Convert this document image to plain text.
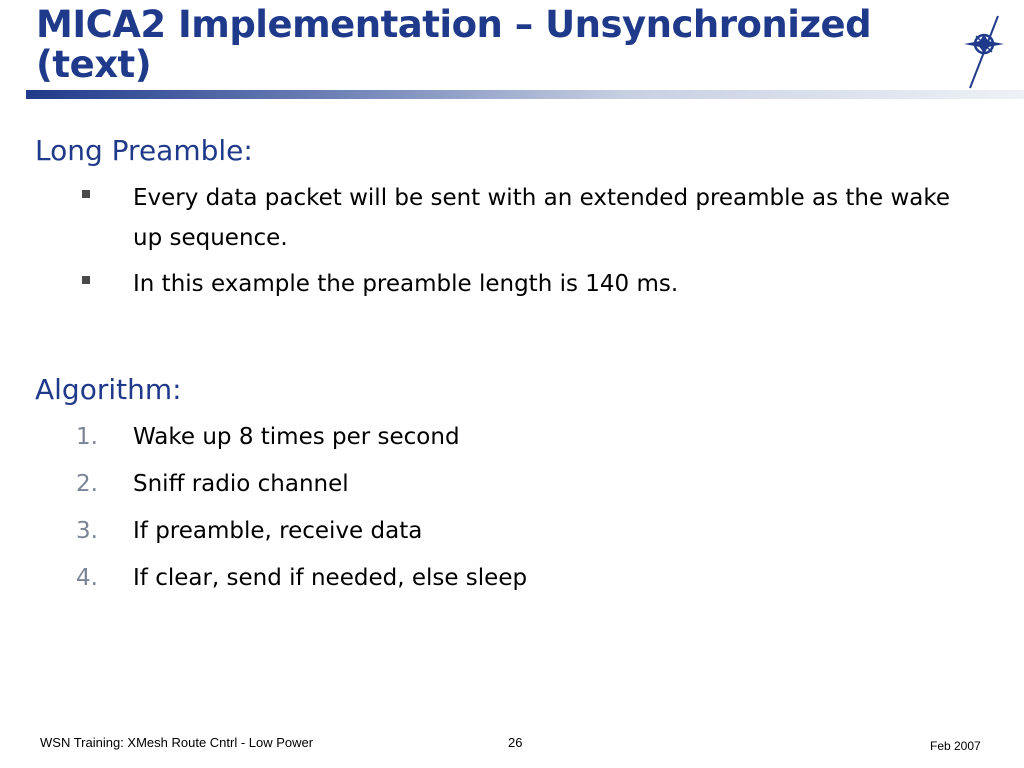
MICA2 Implementation – Unsynchronized (text)
Long Preamble:
Every data packet will be sent with an extended preamble as the wake up sequence.
In this example the preamble length is 140 ms.
Algorithm:
1.	Wake up 8 times per second
2.	Sniff radio channel
3.	If preamble, receive data
4.	If clear, send if needed, else sleep
WSN Training: XMesh Route Cntrl - Low Power	26	Feb 2007
